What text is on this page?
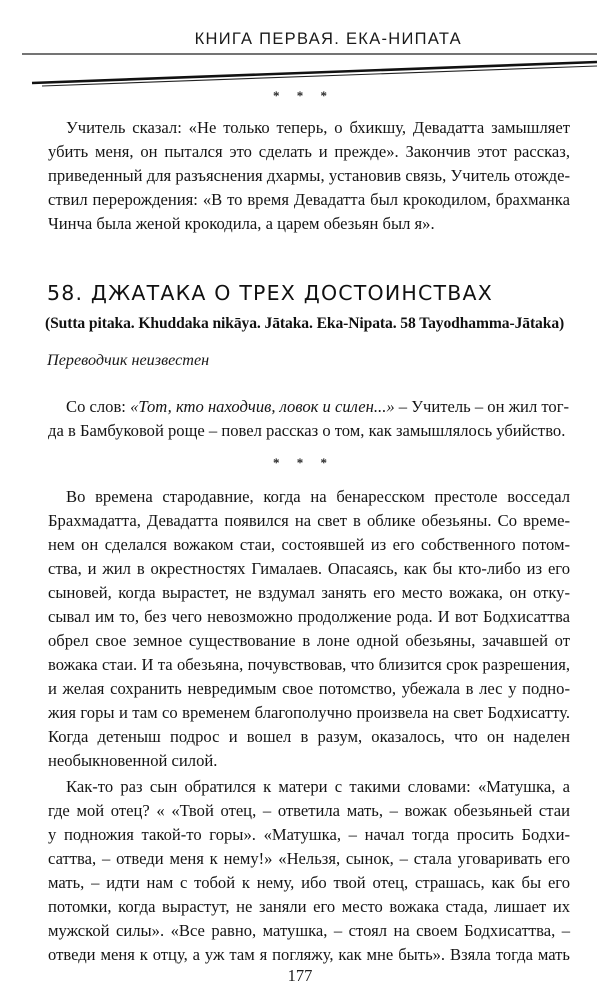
КНИГА ПЕРВАЯ. ЕКА-НИПАТА
* * *
Учитель сказал: «Не только теперь, о бхикшу, Девадатта замышляет
убить меня, он пытался это сделать и прежде». Закончив этот рассказ,
приведенный для разъяснения дхармы, установив связь, Учитель отожде-
ствил перерождения: «В то время Девадатта был крокодилом, брахманка
Чинча была женой крокодила, а царем обезьян был я».
58. ДЖАТАКА О ТРЕХ ДОСТОИНСТВАХ
(Sutta pitaka. Khuddaka nikāya. Jātaka. Eka-Nipata. 58 Tayodhamma-Jātaka)
Переводчик неизвестен
Со слов: «Тот, кто находчив, ловок и силен...» – Учитель – он жил тог-
да в Бамбуковой роще – повел рассказ о том, как замышлялось убийство.
* * *
Во времена стародавние, когда на бенаресском престоле восседал
Брахмадатта, Девадатта появился на свет в облике обезьяны. Со време-
нем он сделался вожаком стаи, состоявшей из его собственного потом-
ства, и жил в окрестностях Гималаев. Опасаясь, как бы кто-либо из его
сыновей, когда вырастет, не вздумал занять его место вожака, он отку-
сывал им то, без чего невозможно продолжение рода. И вот Бодхисаттва
обрел свое земное существование в лоне одной обезьяны, зачавшей от
вожака стаи. И та обезьяна, почувствовав, что близится срок разрешения,
и желая сохранить невредимым свое потомство, убежала в лес у подно-
жия горы и там со временем благополучно произвела на свет Бодхисатту.
Когда детеныш подрос и вошел в разум, оказалось, что он наделен
необыкновенной силой.
Как-то раз сын обратился к матери с такими словами: «Матушка, а
где мой отец? « «Твой отец, – ответила мать, – вожак обезьяньей стаи
у подножия такой-то горы». «Матушка, – начал тогда просить Бодхи-
саттва, – отведи меня к нему!» «Нельзя, сынок, – стала уговаривать его
мать, – идти нам с тобой к нему, ибо твой отец, страшась, как бы его
потомки, когда вырастут, не заняли его место вожака стада, лишает их
мужской силы». «Все равно, матушка, – стоял на своем Бодхисаттва, –
отведи меня к отцу, а уж там я погляжу, как мне быть». Взяла тогда мать
177
